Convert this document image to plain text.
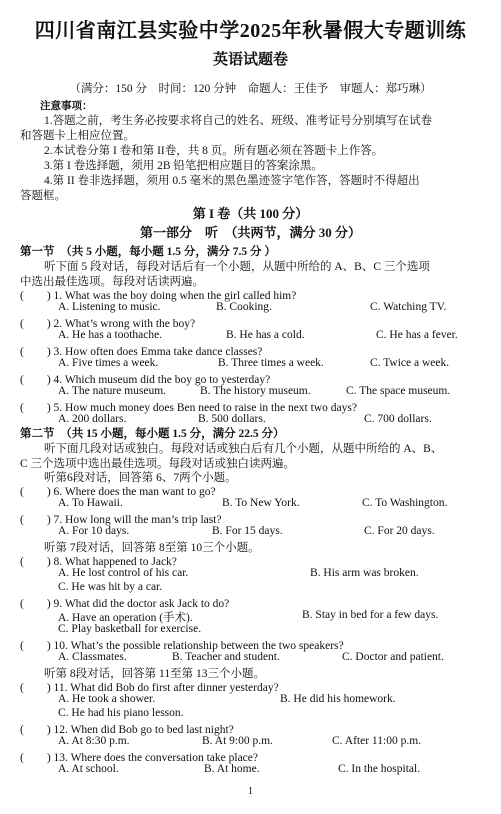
四川省南江县实验中学2025年秋暑假大专题训练
英语试题卷
（满分：150 分　时间：120 分钟　命题人：王佳予　审题人：郑巧琳）
注意事项：
1.答题之前，考生务必按要求将自己的姓名、班级、准考证号分别填写在试卷
和答题卡上相应位置。
2.本试卷分第 I 卷和第 II卷，共 8 页。所有题必须在答题卡上作答。
3.第 I 卷选择题，须用 2B 铅笔把相应题目的答案涂黑。
4.第 II 卷非选择题，须用 0.5 毫米的黑色墨迹签字笔作答，答题时不得超出
答题框。
第 I 卷（共 100 分）
第一部分　听　（共两节，满分 30 分）
第一节　（共 5 小题，每小题 1.5 分，满分 7.5 分 ）
听下面 5 段对话，每段对话后有一个小题，从题中所给的 A、B、C 三个选项
中选出最佳选项。每段对话读两遍。
(　　) 1. What was the boy doing when the girl called him?
A. Listening to music.	B. Cooking.	C. Watching TV.
(　　) 2. What’s wrong with the boy?
A. He has a toothache.	B. He has a cold.	C. He has a fever.
(　　) 3. How often does Emma take dance classes?
A. Five times a week.	B. Three times a week.	C. Twice a week.
(　　) 4. Which museum did the boy go to yesterday?
A. The nature museum.	B. The history museum.	C. The space museum.
(　　) 5. How much money does Ben need to raise in the next two days?
A. 200 dollars.	B. 500 dollars.	C. 700 dollars.
第二节　（共 15 小题，每小题 1.5 分，满分 22.5 分）
听下面几段对话或独白。每段对话或独白后有几个小题，从题中所给的 A、B、
C 三个选项中选出最佳选项。每段对话或独白读两遍。
听第6段对话，回答第 6、7两个小题。
(　　) 6. Where does the man want to go?
A. To Hawaii.	B. To New York.	C. To Washington.
(　　) 7. How long will the man’s trip last?
A. For 10 days.	B. For 15 days.	C. For 20 days.
听第 7段对话，回答第 8至第 10三个小题。
(　　) 8. What happened to Jack?
A. He lost control of his car.	B. His arm was broken.
C. He was hit by a car.
(　　) 9. What did the doctor ask Jack to do?
A. Have an operation (手术).	B. Stay in bed for a few days.
C. Play basketball for exercise.
(　　) 10. What’s the possible relationship between the two speakers?
A. Classmates.	B. Teacher and student.	C. Doctor and patient.
听第 8段对话，回答第 11至第 13三个小题。
(　　) 11. What did Bob do first after dinner yesterday?
A. He took a shower.	B. He did his homework.
C. He had his piano lesson.
(　　) 12. When did Bob go to bed last night?
A. At 8:30 p.m.	B. At 9:00 p.m.	C. After 11:00 p.m.
(　　) 13. Where does the conversation take place?
A. At school.	B. At home.	C. In the hospital.
1
